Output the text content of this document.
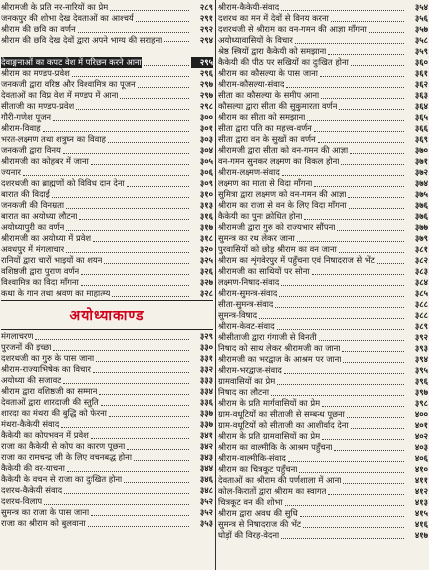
श्रीरामजी के प्रति नर-नारियों का प्रेम	२८९
जनकपुर की शोभा देख देवताओं का आश्चर्य	२९१
श्रीराम की छवि का वर्णन	२९२
श्रीराम की छवि देख देवों द्वारा अपने भाग्य की सराहना	२९४
देवाङ्गनाओं का कपट वेश में परिछन करने आना	२९५
श्रीराम का मण्डप-प्रवेश	२९६
जनकजी द्वारा वरिष्ठ और विश्वामित्र का पूजन	२९७
देवताओं का विप्र वेश में मण्डप में आना	२९७
सीताजी का मण्डप-प्रवेश	२९८
गौरी-गणेश पूजन	३००
श्रीराम-विवाह	३०१
भरत-लक्ष्मण तथा शत्रुघ्न का विवाह	३०३
जनकजी द्वारा विनय	३०४
श्रीरामजी का कोहबर में जाना	३०५
ज्यनार	३०६
दशरथजी का ब्राह्मणों को विविध दान देना	३०९
बारात की विदाई	३१०
जनकजी की विनम्रता	३१३
बारात का अयोध्या लौटना	३१६
अयोध्यापुरी का वर्णन	३१७
श्रीरामजी का अयोध्या में प्रवेश	३१८
अवधपुर में मंगलाचार	३२०
रानियों द्वारा चारों भाइयों का शयन	३२५
वशिष्ठजी द्वारा पुराण वर्णन	३२६
विश्वामित्र का विदा माँगना	३२७
कथा के गान तथा श्रवण का माहात्म्य	३२८
अयोध्याकाण्ड
मंगलाचरण	३२९
पुरजनों की इच्छा	३३०
दशरथजी का गुरु के पास जाना	३३१
श्रीराम-राज्याभिषेक का विचार	३३२
अयोध्या की सजावट	३३३
श्रीराम द्वारा वशिष्ठजी का सम्मान	३३४
देवताओं द्वारा शारदाजी की स्तुति	३३६
शारदा का मंथरा की बुद्धि को फेरना	३३७
मंथरा-कैकेयी संवाद	३३७
कैकेयी का कोपभवन में प्रवेश	३४१
राजा का कैकेयी से कोप का कारण पूछना	३४२
राजा का रामचन्द्र जी के लिए वचनबद्ध होना	३४३
कैकेयी की वर-याचना	३४४
कैकेयी के वचन से राजा का दुःखित होना	३४६
दशरथ-कैकेयी संवाद	३४८
दशरथ-विलाप	३५२
सुमन्त्र का राजा के पास जाना	३५२
राजा का श्रीराम को बुलवाना	३५३
श्रीराम-कैकेयी-संवाद	३५४
दशरथ का मन में देवों से विनय करना	३५६
दशरथजी से श्रीराम का वन-गमन की आज्ञा माँगना	३५७
अयोध्यावासियों के विचार	३५८
श्रेष्ठ स्त्रियों द्वारा कैकेयी को समझाना	३५९
कैकेयी की पीठ पर सखियों का दुःखित होना	३६०
श्रीराम का कौसल्या के पास जाना	३६१
श्रीराम-कौसल्या-संवाद	३६२
सीता का कौसल्या के समीप आना	३६३
कौसल्या द्वारा सीता की सुकुमारता वर्णन	३६४
श्रीराम का सीता को समझाना	३६५
सीता द्वारा पति का महत्त्व-वर्णन	३६६
सीता द्वारा वन के सुखों का वर्णन	३६९
श्रीरामजी द्वारा सीता को वन-गमन की आज्ञा	३७०
वन-गमन सुनकर लक्ष्मण का विकल होना	३७१
श्रीराम-लक्ष्मण-संवाद	३७२
लक्ष्मण का माता से विदा माँगना	३७४
सुमित्रा द्वारा लक्ष्मण को वन-गमन की आज्ञा	३७५
श्रीराम का राजा से वन के लिए विदा माँगना	३७६
कैकेयी का पुनः क्रोधित होना	३७६
श्रीरामजी द्वारा गुरु को राज्यभार सौंपना	३७७
सुमन्त्र का रथ लेकर जाना	३७९
पुरवासियों को छोड़ श्रीराम का वन जाना	३८१
श्रीराम का शृंगवेरपुर में पहुँचना एवं निषादराज से भेंट	३८२
श्रीरामजी का साथियों पर सोना	३८३
लक्ष्मण-निषाद-संवाद	३८४
श्रीराम-सुमन्त्र-संवाद	३८५
सीता-सुमन्त्र-संवाद	३८८
सुमन्त्र-विषाद	३८८
श्रीराम-केवट-संवाद	३८९
श्रीसीताजी द्वारा गंगाजी से विनती	३९२
निषाद को साथ लेकर श्रीरामजी का जाना	३९३
श्रीरामजी का भरद्वाज के आश्रम पर जाना	३९४
श्रीराम-भरद्वाज-संवाद	३९५
ग्रामवासियों का प्रेम	३९६
निषाद का लौटना	३९७
श्रीराम के प्रति मार्गवासियों का प्रेम	३९८
ग्राम-वधूटियों का सीताजी से सम्बन्ध पूछना	४००
ग्राम-वधूटियों को सीताजी का आशीर्वाद देना	४०१
श्रीराम के प्रति ग्रामवासियों का प्रेम	४०२
श्रीराम का वाल्मीकि के आश्रम पहुँचना	४०३
श्रीराम-वाल्मीकि-संवाद	४०६
श्रीराम का चित्रकूट पहुँचना	४१०
देवताओं का श्रीराम की पर्णशाला में आना	४११
कोल-किरातों द्वारा श्रीराम का स्वागत	४१२
चित्रकूट वन की शोभा	४१३
श्रीराम द्वारा अवध की सुधि	४१५
सुमन्त्र से निषादराज की भेंट	४१६
घोड़ों की विरह-वेदना	४१७
